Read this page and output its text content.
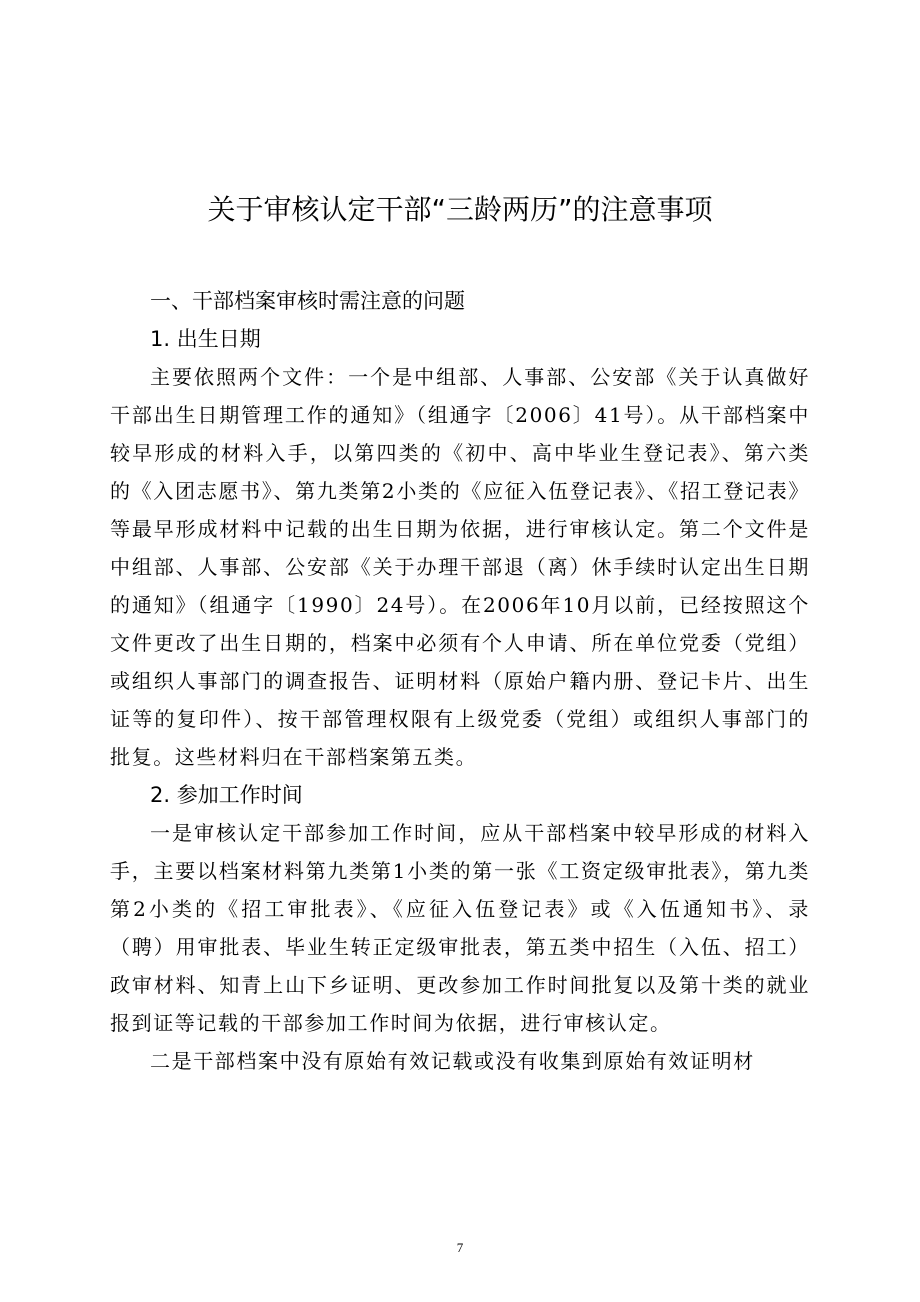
关于审核认定干部“三龄两历”的注意事项

一、干部档案审核时需注意的问题

1. 出生日期

主要依照两个文件：一个是中组部、人事部、公安部《关于认真做好干部出生日期管理工作的通知》（组通字〔2006〕41号）。从干部档案中较早形成的材料入手，以第四类的《初中、高中毕业生登记表》、第六类的《入团志愿书》、第九类第2小类的《应征入伍登记表》、《招工登记表》等最早形成材料中记载的出生日期为依据，进行审核认定。第二个文件是中组部、人事部、公安部《关于办理干部退（离）休手续时认定出生日期的通知》（组通字〔1990〕24号）。在2006年10月以前，已经按照这个文件更改了出生日期的，档案中必须有个人申请、所在单位党委（党组）或组织人事部门的调查报告、证明材料（原始户籍内册、登记卡片、出生证等的复印件）、按干部管理权限有上级党委（党组）或组织人事部门的批复。这些材料归在干部档案第五类。

2. 参加工作时间

一是审核认定干部参加工作时间，应从干部档案中较早形成的材料入手，主要以档案材料第九类第1小类的第一张《工资定级审批表》，第九类第2小类的《招工审批表》、《应征入伍登记表》或《入伍通知书》、录（聘）用审批表、毕业生转正定级审批表，第五类中招生（入伍、招工）政审材料、知青上山下乡证明、更改参加工作时间批复以及第十类的就业报到证等记载的干部参加工作时间为依据，进行审核认定。

二是干部档案中没有原始有效记载或没有收集到原始有效证明材

7
